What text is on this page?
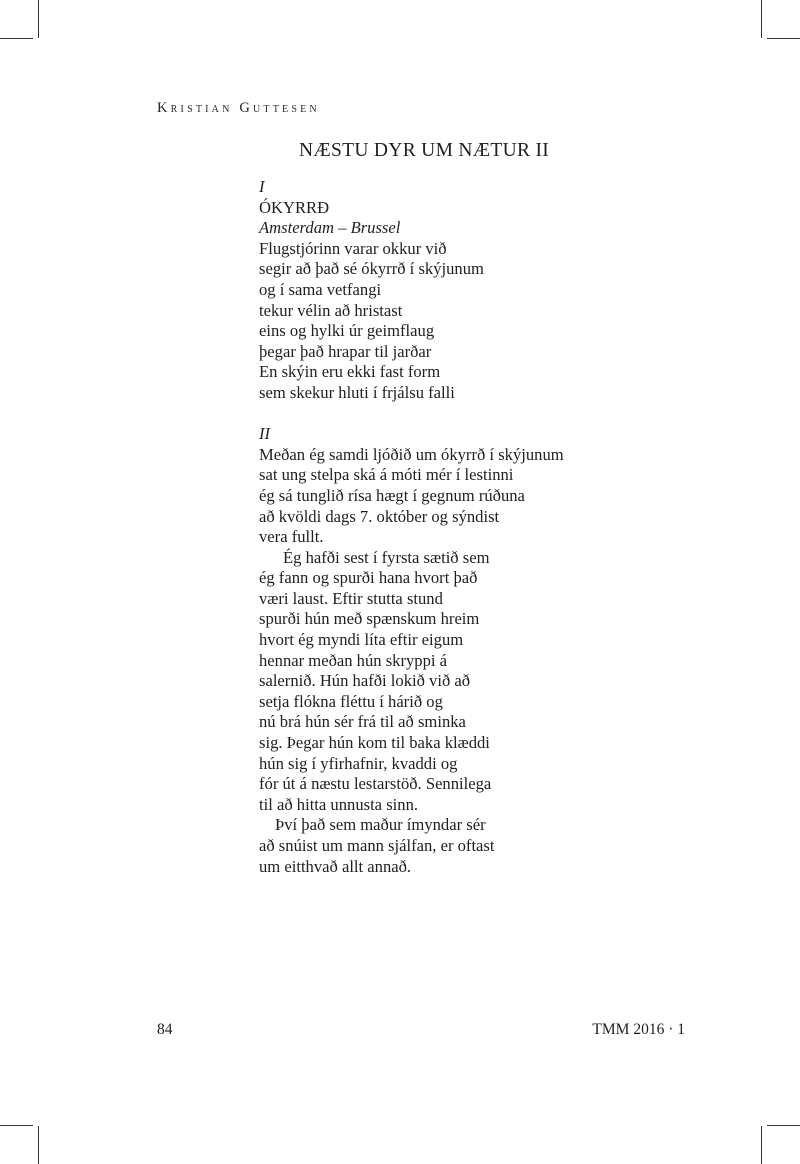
Kristian Guttesen
NÆSTU DYR UM NÆTUR II
I
ÓKYRRÐ
Amsterdam – Brussel
Flugstjórinn varar okkur við
segir að það sé ókyrrð í skýjunum
og í sama vetfangi
tekur vélin að hristast
eins og hylki úr geimflaug
þegar það hrapar til jarðar
En skýin eru ekki fast form
sem skekur hluti í frjálsu falli
II
Meðan ég samdi ljóðið um ókyrrð í skýjunum
sat ung stelpa ská á móti mér í lestinni
ég sá tunglið rísa hægt í gegnum rúðuna
að kvöldi dags 7. október og sýndist
vera fullt.
Ég hafði sest í fyrsta sætið sem
ég fann og spurði hana hvort það
væri laust. Eftir stutta stund
spurði hún með spænskum hreim
hvort ég myndi líta eftir eigum
hennar meðan hún skryppi á
salernið. Hún hafði lokið við að
setja flókna fléttu í hárið og
nú brá hún sér frá til að sminka
sig. Þegar hún kom til baka klæddi
hún sig í yfirhafnir, kvaddi og
fór út á næstu lestarstöð. Sennilega
til að hitta unnusta sinn.
Því það sem maður ímyndar sér
að snúist um mann sjálfan, er oftast
um eitthvað allt annað.
84	TMM 2016 · 1
